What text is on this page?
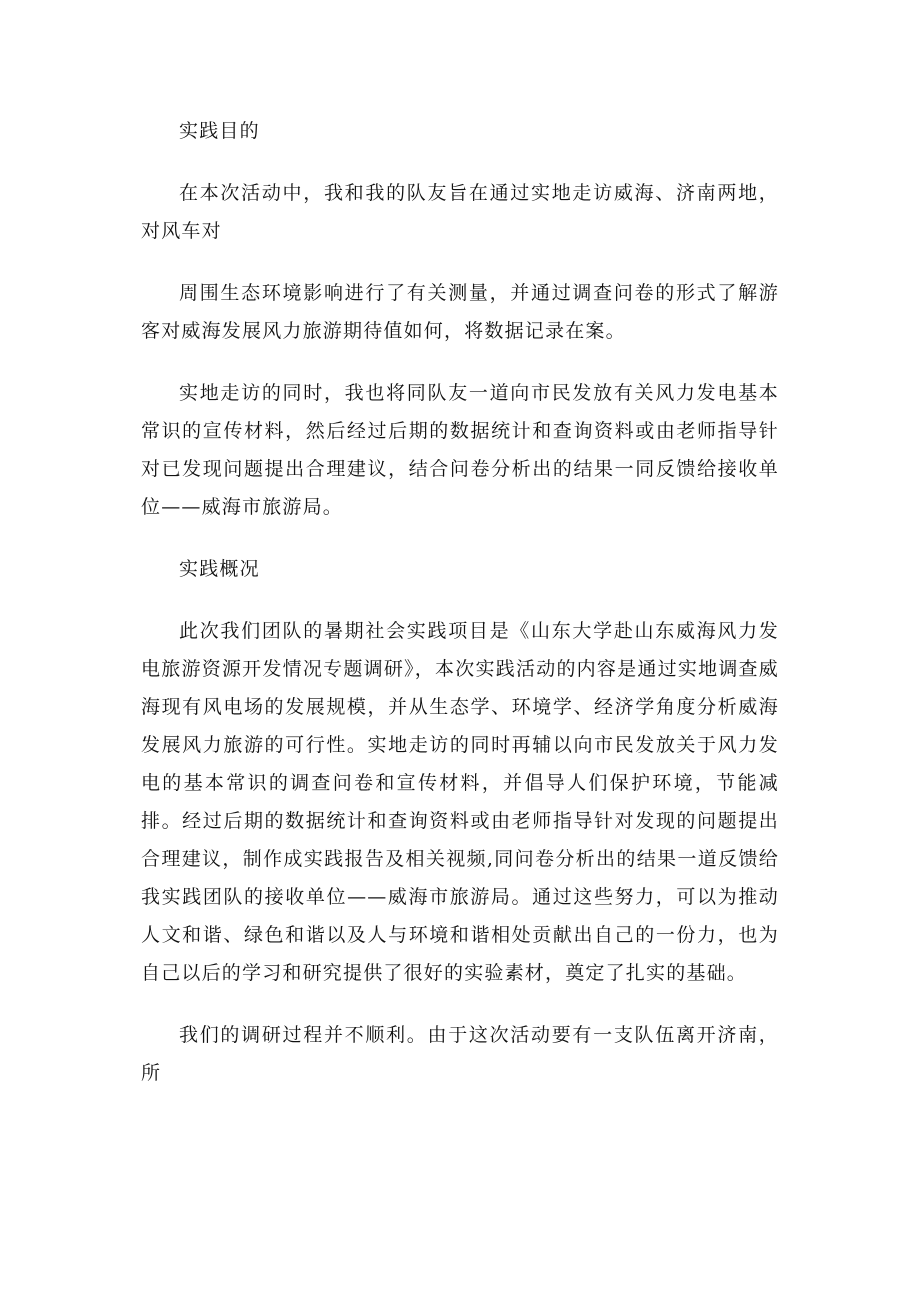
实践目的

在本次活动中，我和我的队友旨在通过实地走访威海、济南两地，对风车对

周围生态环境影响进行了有关测量，并通过调查问卷的形式了解游客对威海发展风力旅游期待值如何，将数据记录在案。

实地走访的同时，我也将同队友一道向市民发放有关风力发电基本常识的宣传材料，然后经过后期的数据统计和查询资料或由老师指导针对已发现问题提出合理建议，结合问卷分析出的结果一同反馈给接收单位——威海市旅游局。

实践概况

此次我们团队的暑期社会实践项目是《山东大学赴山东威海风力发电旅游资源开发情况专题调研》，本次实践活动的内容是通过实地调查威海现有风电场的发展规模，并从生态学、环境学、经济学角度分析威海发展风力旅游的可行性。实地走访的同时再辅以向市民发放关于风力发电的基本常识的调查问卷和宣传材料，并倡导人们保护环境，节能减排。经过后期的数据统计和查询资料或由老师指导针对发现的问题提出合理建议，制作成实践报告及相关视频,同问卷分析出的结果一道反馈给我实践团队的接收单位——威海市旅游局。通过这些努力，可以为推动人文和谐、绿色和谐以及人与环境和谐相处贡献出自己的一份力，也为自己以后的学习和研究提供了很好的实验素材，奠定了扎实的基础。

我们的调研过程并不顺利。由于这次活动要有一支队伍离开济南，所
